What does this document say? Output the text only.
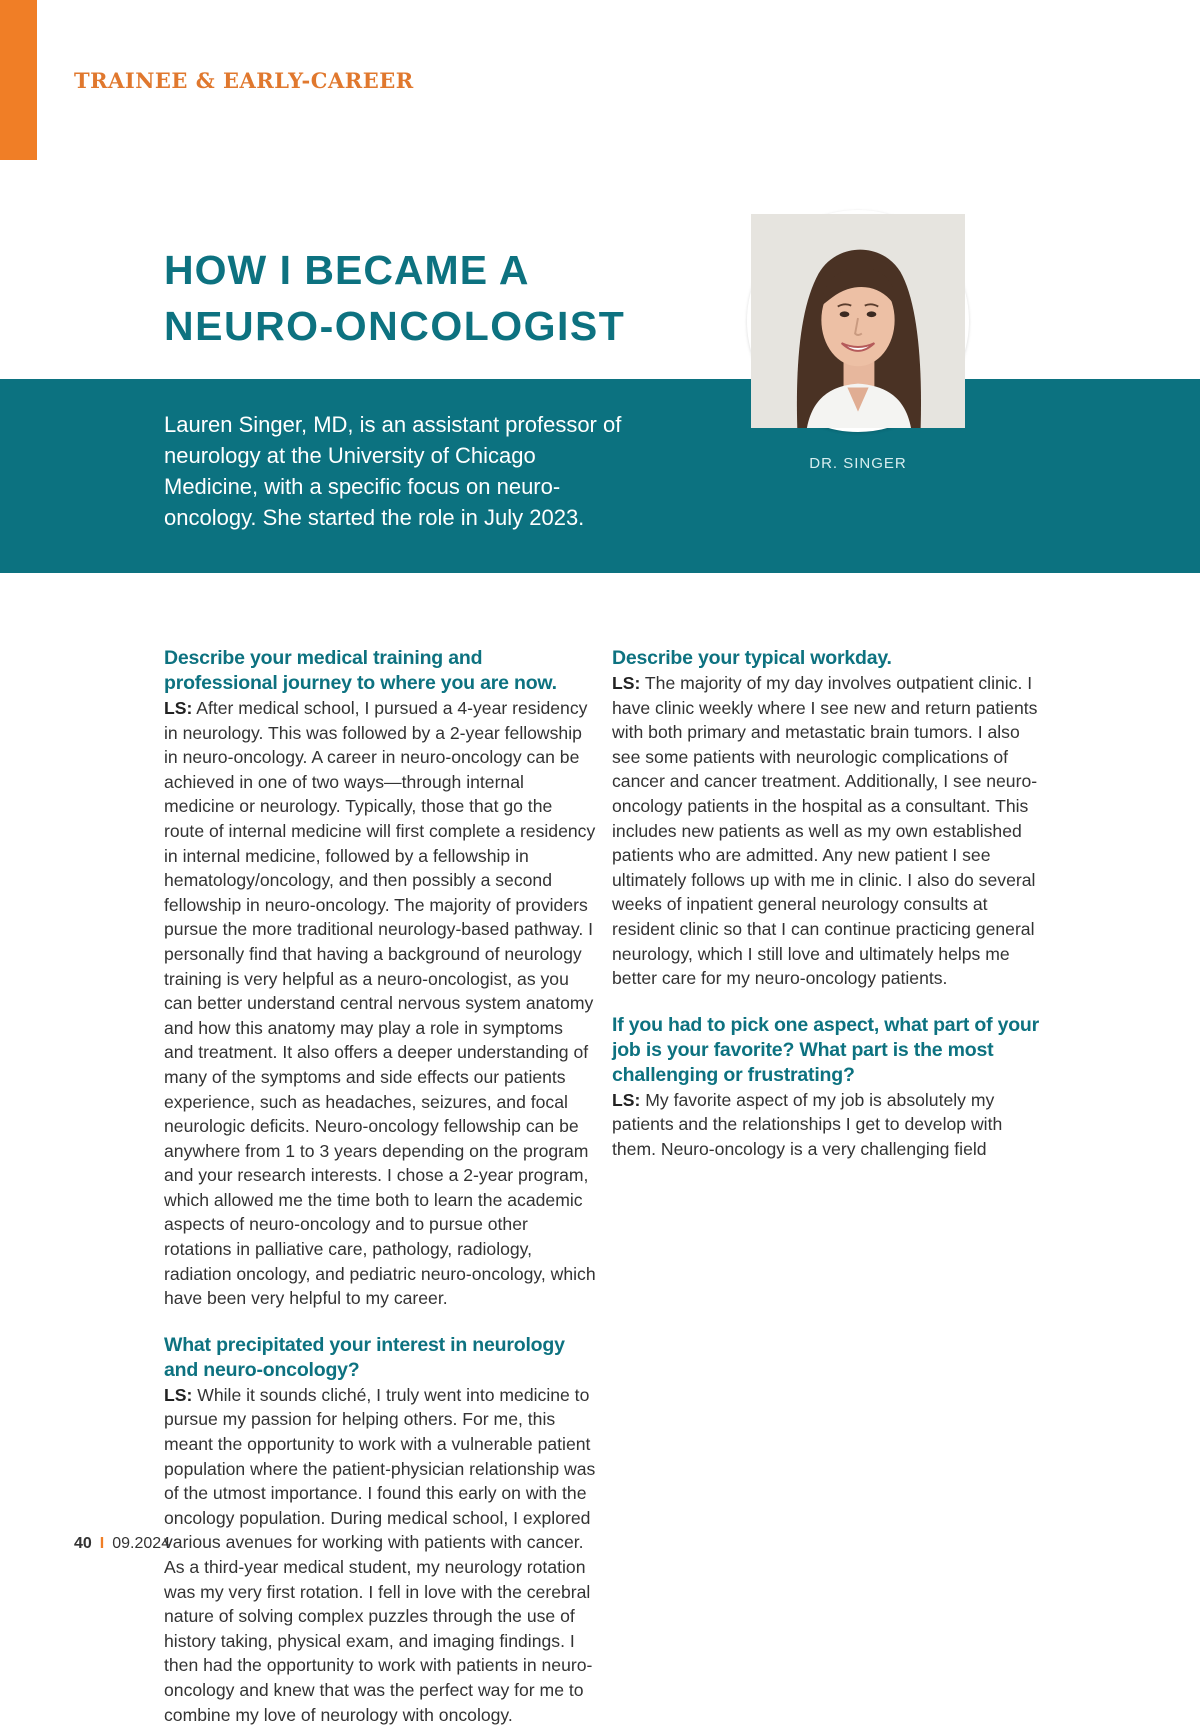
TRAINEE & EARLY-CAREER
HOW I BECAME A
NEURO-ONCOLOGIST

Lauren Singer, MD, is an assistant professor of neurology at the University of Chicago Medicine, with a specific focus on neuro-oncology. She started the role in July 2023.

DR. SINGER
Describe your medical training and professional journey to where you are now.

LS: After medical school, I pursued a 4-year residency in neurology. This was followed by a 2-year fellowship in neuro-oncology. A career in neuro-oncology can be achieved in one of two ways—through internal medicine or neurology. Typically, those that go the route of internal medicine will first complete a residency in internal medicine, followed by a fellowship in hematology/oncology, and then possibly a second fellowship in neuro-oncology. The majority of providers pursue the more traditional neurology-based pathway. I personally find that having a background of neurology training is very helpful as a neuro-oncologist, as you can better understand central nervous system anatomy and how this anatomy may play a role in symptoms and treatment. It also offers a deeper understanding of many of the symptoms and side effects our patients experience, such as headaches, seizures, and focal neurologic deficits. Neuro-oncology fellowship can be anywhere from 1 to 3 years depending on the program and your research interests. I chose a 2-year program, which allowed me the time both to learn the academic aspects of neuro-oncology and to pursue other rotations in palliative care, pathology, radiology, radiation oncology, and pediatric neuro-oncology, which have been very helpful to my career.

What precipitated your interest in neurology and neuro-oncology?

LS: While it sounds cliché, I truly went into medicine to pursue my passion for helping others. For me, this meant the opportunity to work with a vulnerable patient population where the patient-physician relationship was of the utmost importance. I found this early on with the oncology population. During medical school, I explored various avenues for working with patients with cancer. As a third-year medical student, my neurology rotation was my very first rotation. I fell in love with the cerebral nature of solving complex puzzles through the use of history taking, physical exam, and imaging findings. I then had the opportunity to work with patients in neuro-oncology and knew that was the perfect way for me to combine my love of neurology with oncology.

Describe your typical workday.

LS: The majority of my day involves outpatient clinic. I have clinic weekly where I see new and return patients with both primary and metastatic brain tumors. I also see some patients with neurologic complications of cancer and cancer treatment. Additionally, I see neuro-oncology patients in the hospital as a consultant. This includes new patients as well as my own established patients who are admitted. Any new patient I see ultimately follows up with me in clinic. I also do several weeks of inpatient general neurology consults at resident clinic so that I can continue practicing general neurology, which I still love and ultimately helps me better care for my neuro-oncology patients.

If you had to pick one aspect, what part of your job is your favorite? What part is the most challenging or frustrating?

LS: My favorite aspect of my job is absolutely my patients and the relationships I get to develop with them. Neuro-oncology is a very challenging field

40 I 09.2024
